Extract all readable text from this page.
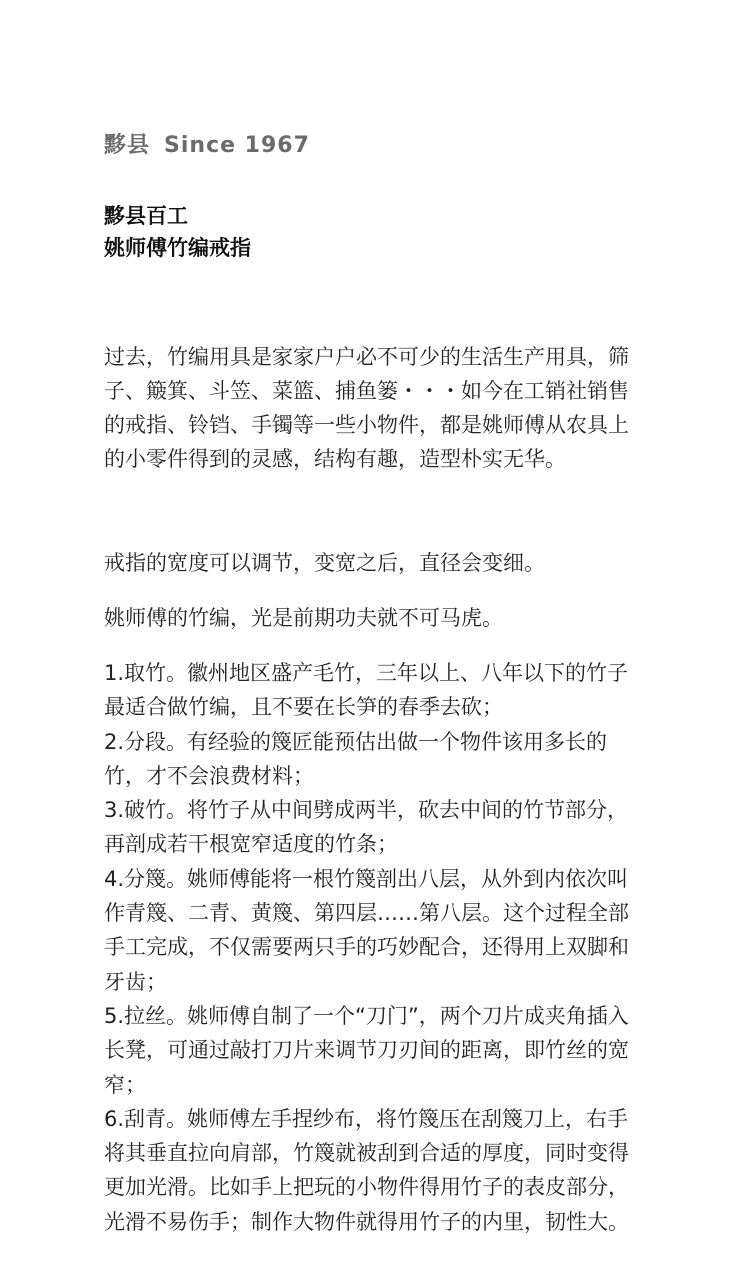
黟县 Since 1967
黟县百工
姚师傅竹编戒指

过去，竹编用具是家家户户必不可少的生活生产用具，筛子、簸箕、斗笠、菜篮、捕鱼篓・・・如今在工销社销售的戒指、铃铛、手镯等一些小物件，都是姚师傅从农具上的小零件得到的灵感，结构有趣，造型朴实无华。

戒指的宽度可以调节，变宽之后，直径会变细。

姚师傅的竹编，光是前期功夫就不可马虎。

1.取竹。徽州地区盛产毛竹，三年以上、八年以下的竹子最适合做竹编，且不要在长笋的春季去砍；

2.分段。有经验的篾匠能预估出做一个物件该用多长的竹，才不会浪费材料；

3.破竹。将竹子从中间劈成两半，砍去中间的竹节部分，再剖成若干根宽窄适度的竹条；

4.分篾。姚师傅能将一根竹篾剖出八层，从外到内依次叫作青篾、二青、黄篾、第四层……第八层。这个过程全部手工完成，不仅需要两只手的巧妙配合，还得用上双脚和牙齿；

5.拉丝。姚师傅自制了一个“刀门”，两个刀片成夹角插入长凳，可通过敲打刀片来调节刀刃间的距离，即竹丝的宽窄；

6.刮青。姚师傅左手捏纱布，将竹篾压在刮篾刀上，右手将其垂直拉向肩部，竹篾就被刮到合适的厚度，同时变得更加光滑。比如手上把玩的小物件得用竹子的表皮部分，光滑不易伤手；制作大物件就得用竹子的内里，韧性大。
